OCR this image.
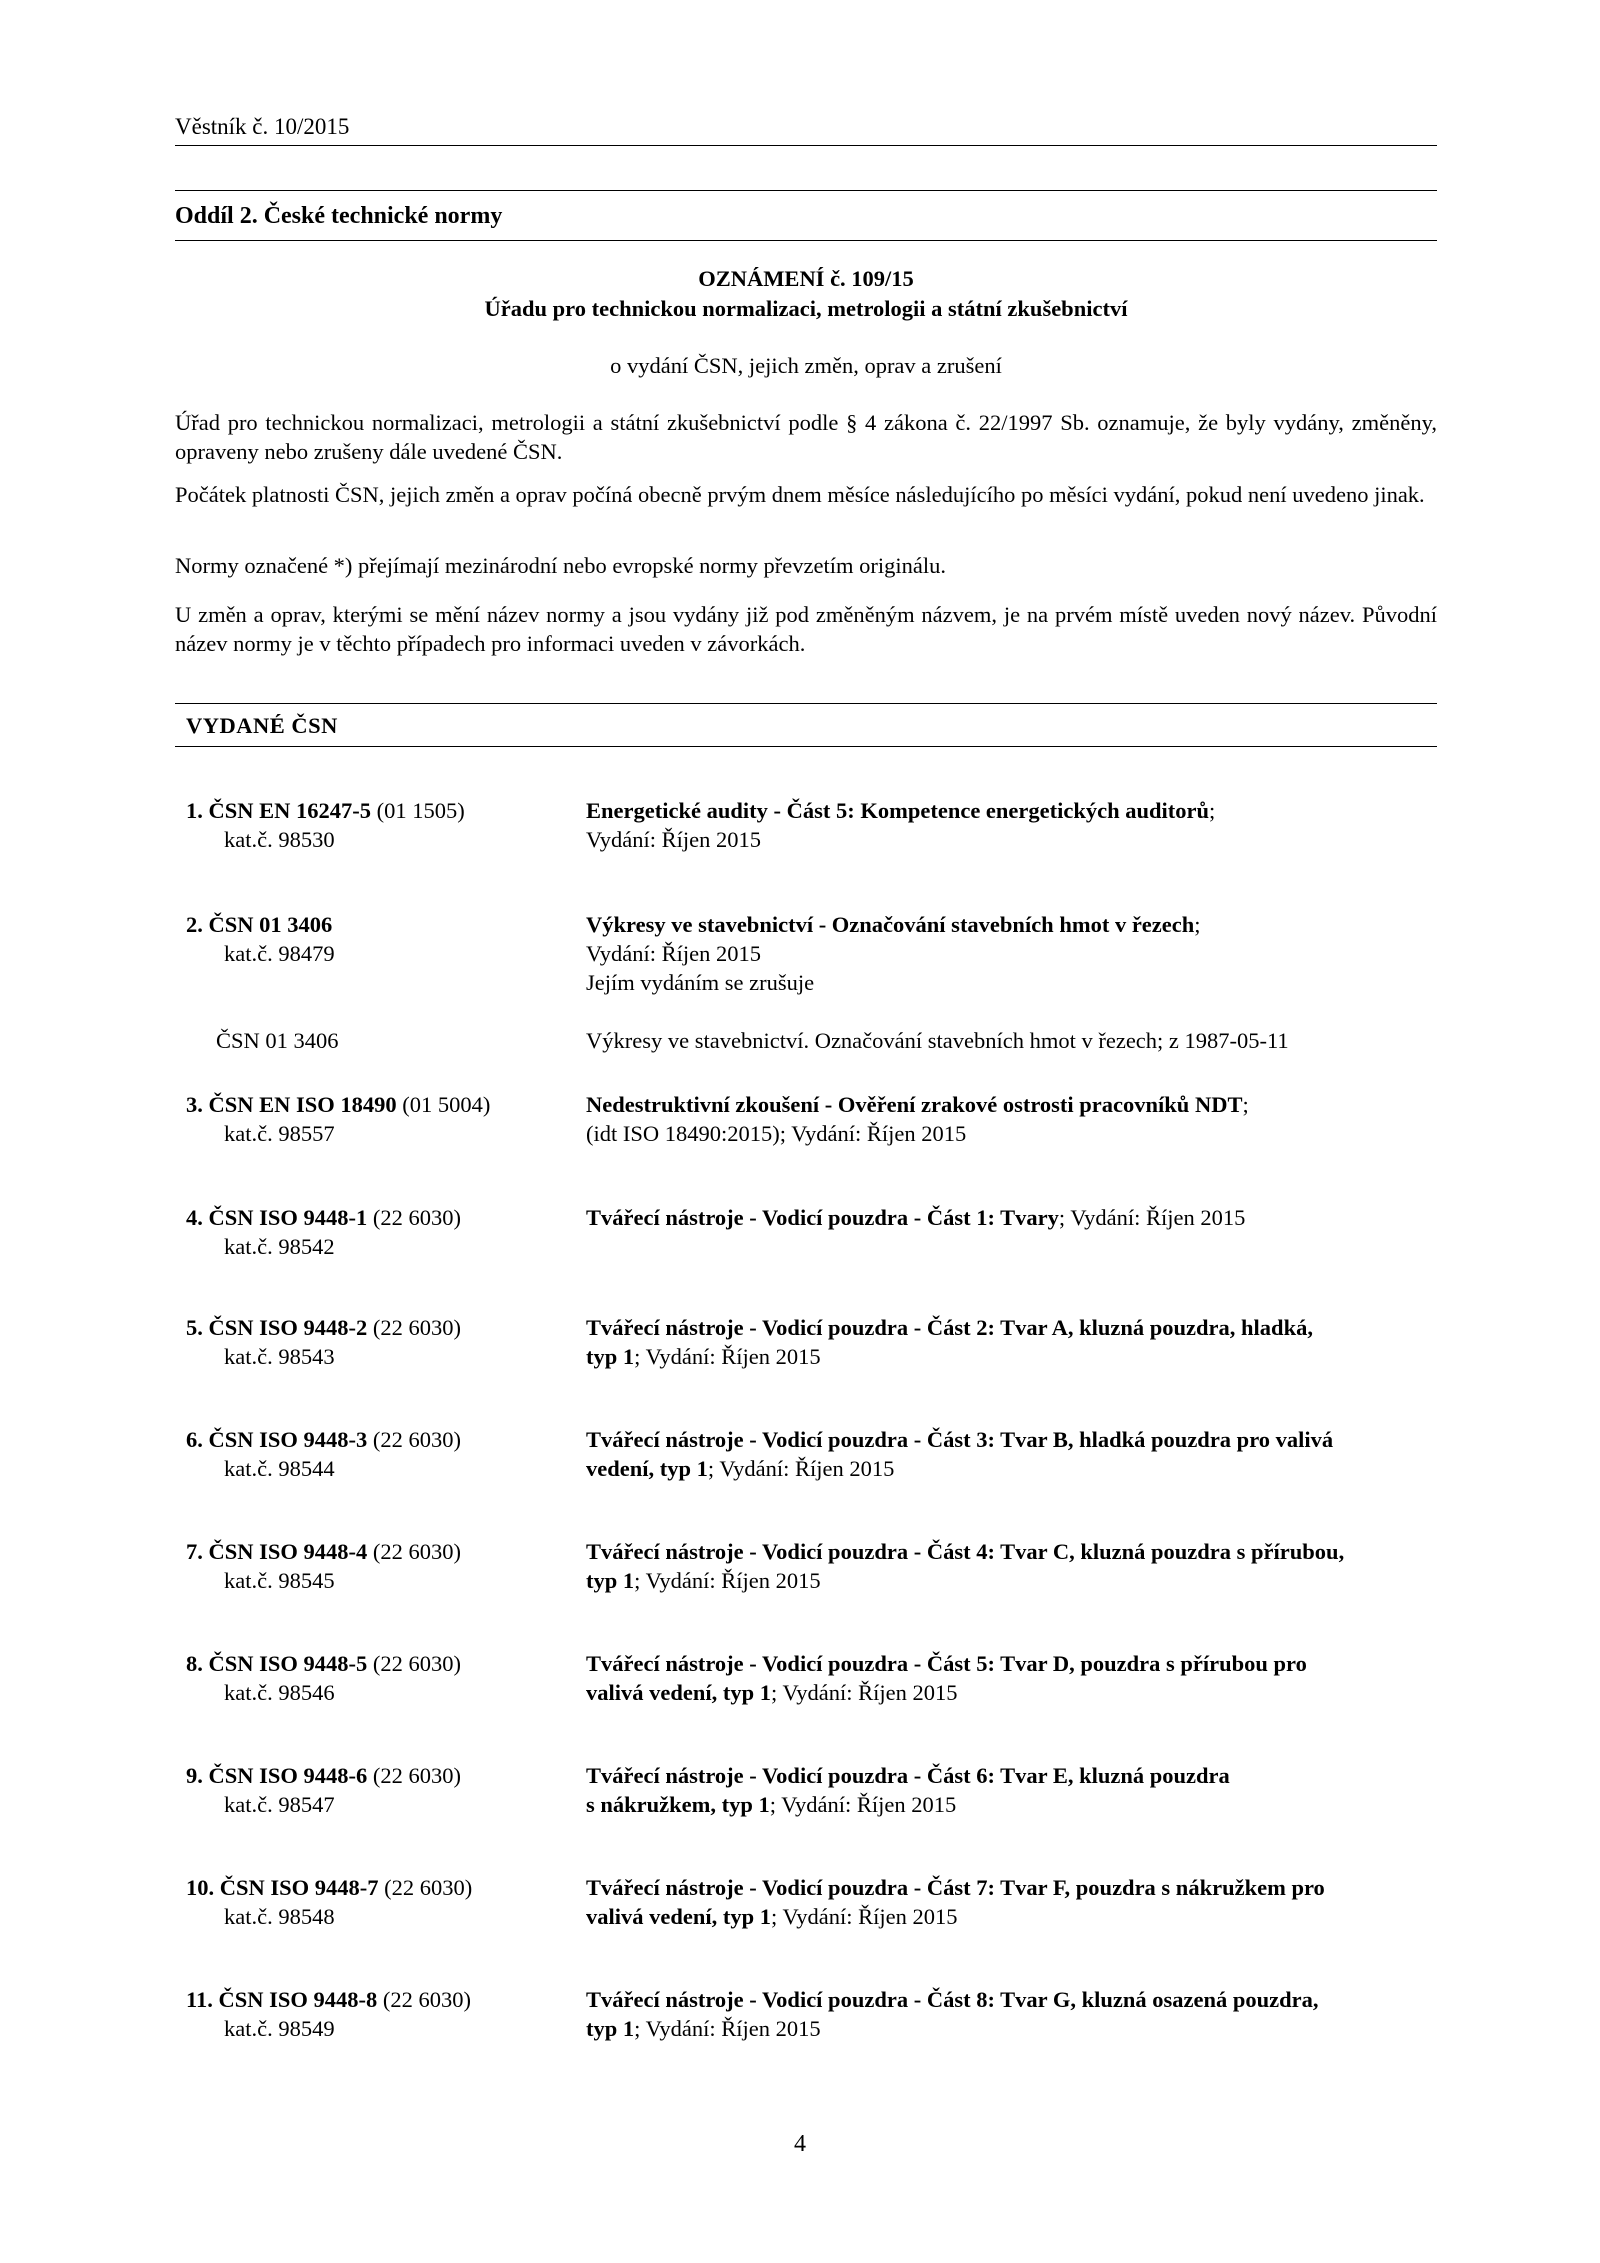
Věstník č. 10/2015
Oddíl 2. České technické normy
OZNÁMENÍ č. 109/15
Úřadu pro technickou normalizaci, metrologii a státní zkušebnictví
o vydání ČSN, jejich změn, oprav a zrušení
Úřad pro technickou normalizaci, metrologii a státní zkušebnictví podle § 4 zákona č. 22/1997 Sb. oznamuje, že byly vydány, změněny, opraveny nebo zrušeny dále uvedené ČSN.
Počátek platnosti ČSN, jejich změn a oprav počíná obecně prvým dnem měsíce následujícího po měsíci vydání, pokud není uvedeno jinak.
Normy označené *) přejímají mezinárodní nebo evropské normy převzetím originálu.
U změn a oprav, kterými se mění název normy a jsou vydány již pod změněným názvem, je na prvém místě uveden nový název. Původní název normy je v těchto případech pro informaci uveden v závorkách.
VYDANÉ ČSN
1. ČSN EN 16247-5 (01 1505)
kat.č. 98530
Energetické audity - Část 5: Kompetence energetických auditorů;
Vydání: Říjen 2015
2. ČSN 01 3406
kat.č. 98479
Výkresy ve stavebnictví - Označování stavebních hmot v řezech;
Vydání: Říjen 2015
Jejím vydáním se zrušuje
ČSN 01 3406	Výkresy ve stavebnictví. Označování stavebních hmot v řezech; z 1987-05-11
3. ČSN EN ISO 18490 (01 5004)
kat.č. 98557
Nedestruktivní zkoušení - Ověření zrakové ostrosti pracovníků NDT;
(idt ISO 18490:2015); Vydání: Říjen 2015
4. ČSN ISO 9448-1 (22 6030)
kat.č. 98542
Tvářecí nástroje - Vodicí pouzdra - Část 1: Tvary; Vydání: Říjen 2015
5. ČSN ISO 9448-2 (22 6030)
kat.č. 98543
Tvářecí nástroje - Vodicí pouzdra - Část 2: Tvar A, kluzná pouzdra, hladká,
typ 1; Vydání: Říjen 2015
6. ČSN ISO 9448-3 (22 6030)
kat.č. 98544
Tvářecí nástroje - Vodicí pouzdra - Část 3: Tvar B, hladká pouzdra pro valivá
vedení, typ 1; Vydání: Říjen 2015
7. ČSN ISO 9448-4 (22 6030)
kat.č. 98545
Tvářecí nástroje - Vodicí pouzdra - Část 4: Tvar C, kluzná pouzdra s přírubou,
typ 1; Vydání: Říjen 2015
8. ČSN ISO 9448-5 (22 6030)
kat.č. 98546
Tvářecí nástroje - Vodicí pouzdra - Část 5: Tvar D, pouzdra s přírubou pro
valivá vedení, typ 1; Vydání: Říjen 2015
9. ČSN ISO 9448-6 (22 6030)
kat.č. 98547
Tvářecí nástroje - Vodicí pouzdra - Část 6: Tvar E, kluzná pouzdra
s nákružkem, typ 1; Vydání: Říjen 2015
10. ČSN ISO 9448-7 (22 6030)
kat.č. 98548
Tvářecí nástroje - Vodicí pouzdra - Část 7: Tvar F, pouzdra s nákružkem pro
valivá vedení, typ 1; Vydání: Říjen 2015
11. ČSN ISO 9448-8 (22 6030)
kat.č. 98549
Tvářecí nástroje - Vodicí pouzdra - Část 8: Tvar G, kluzná osazená pouzdra,
typ 1; Vydání: Říjen 2015
4
